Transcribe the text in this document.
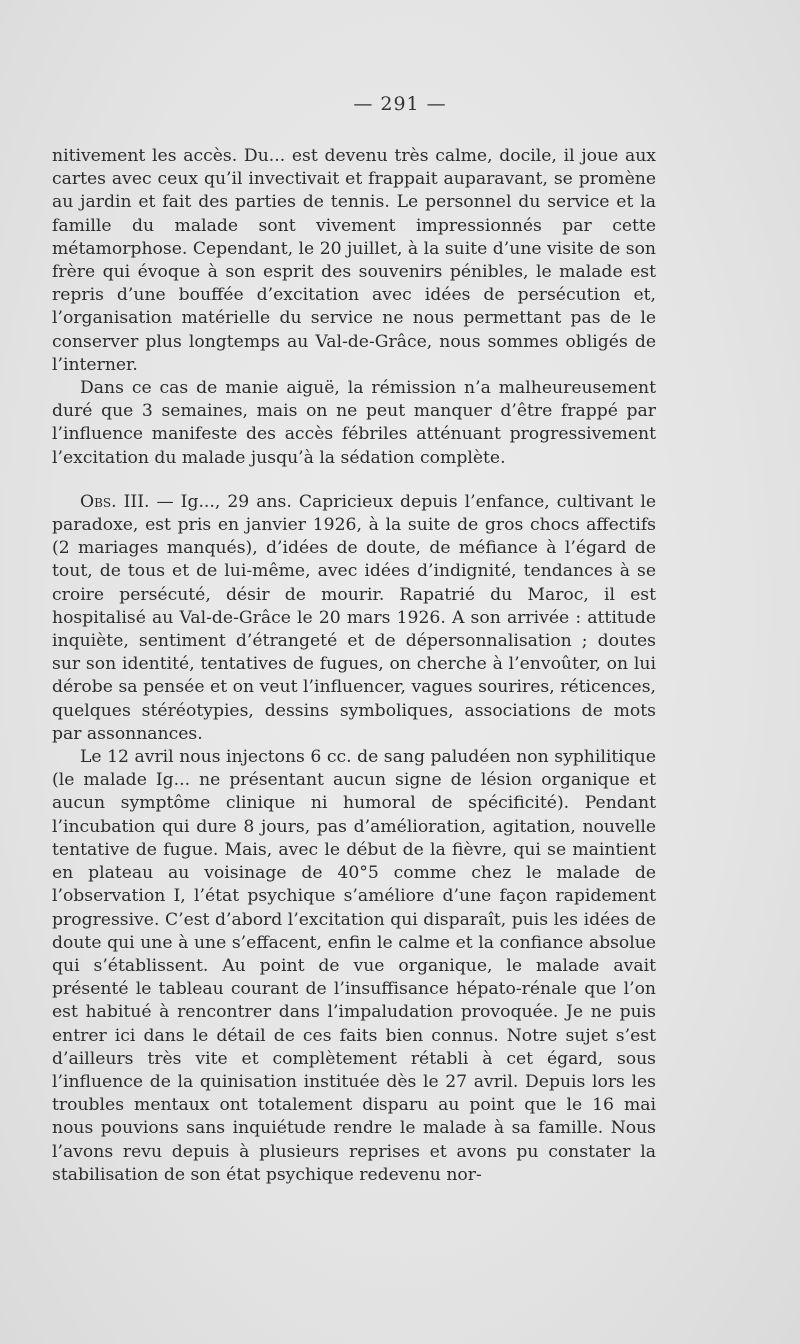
— 291 —

nitivement les accès. Du... est devenu très calme, docile, il joue aux cartes avec ceux qu’il invectivait et frappait auparavant, se promène au jardin et fait des parties de tennis. Le personnel du service et la famille du malade sont vivement impressionnés par cette métamorphose. Cependant, le 20 juillet, à la suite d’une visite de son frère qui évoque à son esprit des souvenirs pénibles, le malade est repris d’une bouffée d’excitation avec idées de persécution et, l’organisation matérielle du service ne nous permettant pas de le conserver plus longtemps au Val-de-Grâce, nous sommes obligés de l’interner.

Dans ce cas de manie aiguë, la rémission n’a malheureusement duré que 3 semaines, mais on ne peut manquer d’être frappé par l’influence manifeste des accès fébriles atténuant progressivement l’excitation du malade jusqu’à la sédation complète.

Obs. III. — Ig..., 29 ans. Capricieux depuis l’enfance, cultivant le paradoxe, est pris en janvier 1926, à la suite de gros chocs affectifs (2 mariages manqués), d’idées de doute, de méfiance à l’égard de tout, de tous et de lui-même, avec idées d’indignité, tendances à se croire persécuté, désir de mourir. Rapatrié du Maroc, il est hospitalisé au Val-de-Grâce le 20 mars 1926. A son arrivée : attitude inquiète, sentiment d’étrangeté et de dépersonnalisation ; doutes sur son identité, tentatives de fugues, on cherche à l’envoûter, on lui dérobe sa pensée et on veut l’influencer, vagues sourires, réticences, quelques stéréotypies, dessins symboliques, associations de mots par assonnances.

Le 12 avril nous injectons 6 cc. de sang paludéen non syphilitique (le malade Ig... ne présentant aucun signe de lésion organique et aucun symptôme clinique ni humoral de spécificité). Pendant l’incubation qui dure 8 jours, pas d’amélioration, agitation, nouvelle tentative de fugue. Mais, avec le début de la fièvre, qui se maintient en plateau au voisinage de 40°5 comme chez le malade de l’observation I, l’état psychique s’améliore d’une façon rapidement progressive. C’est d’abord l’excitation qui disparaît, puis les idées de doute qui une à une s’effacent, enfin le calme et la confiance absolue qui s’établissent. Au point de vue organique, le malade avait présenté le tableau courant de l’insuffisance hépato-rénale que l’on est habitué à rencontrer dans l’impaludation provoquée. Je ne puis entrer ici dans le détail de ces faits bien connus. Notre sujet s’est d’ailleurs très vite et complètement rétabli à cet égard, sous l’influence de la quinisation instituée dès le 27 avril. Depuis lors les troubles mentaux ont totalement disparu au point que le 16 mai nous pouvions sans inquiétude rendre le malade à sa famille. Nous l’avons revu depuis à plusieurs reprises et avons pu constater la stabilisation de son état psychique redevenu nor-
